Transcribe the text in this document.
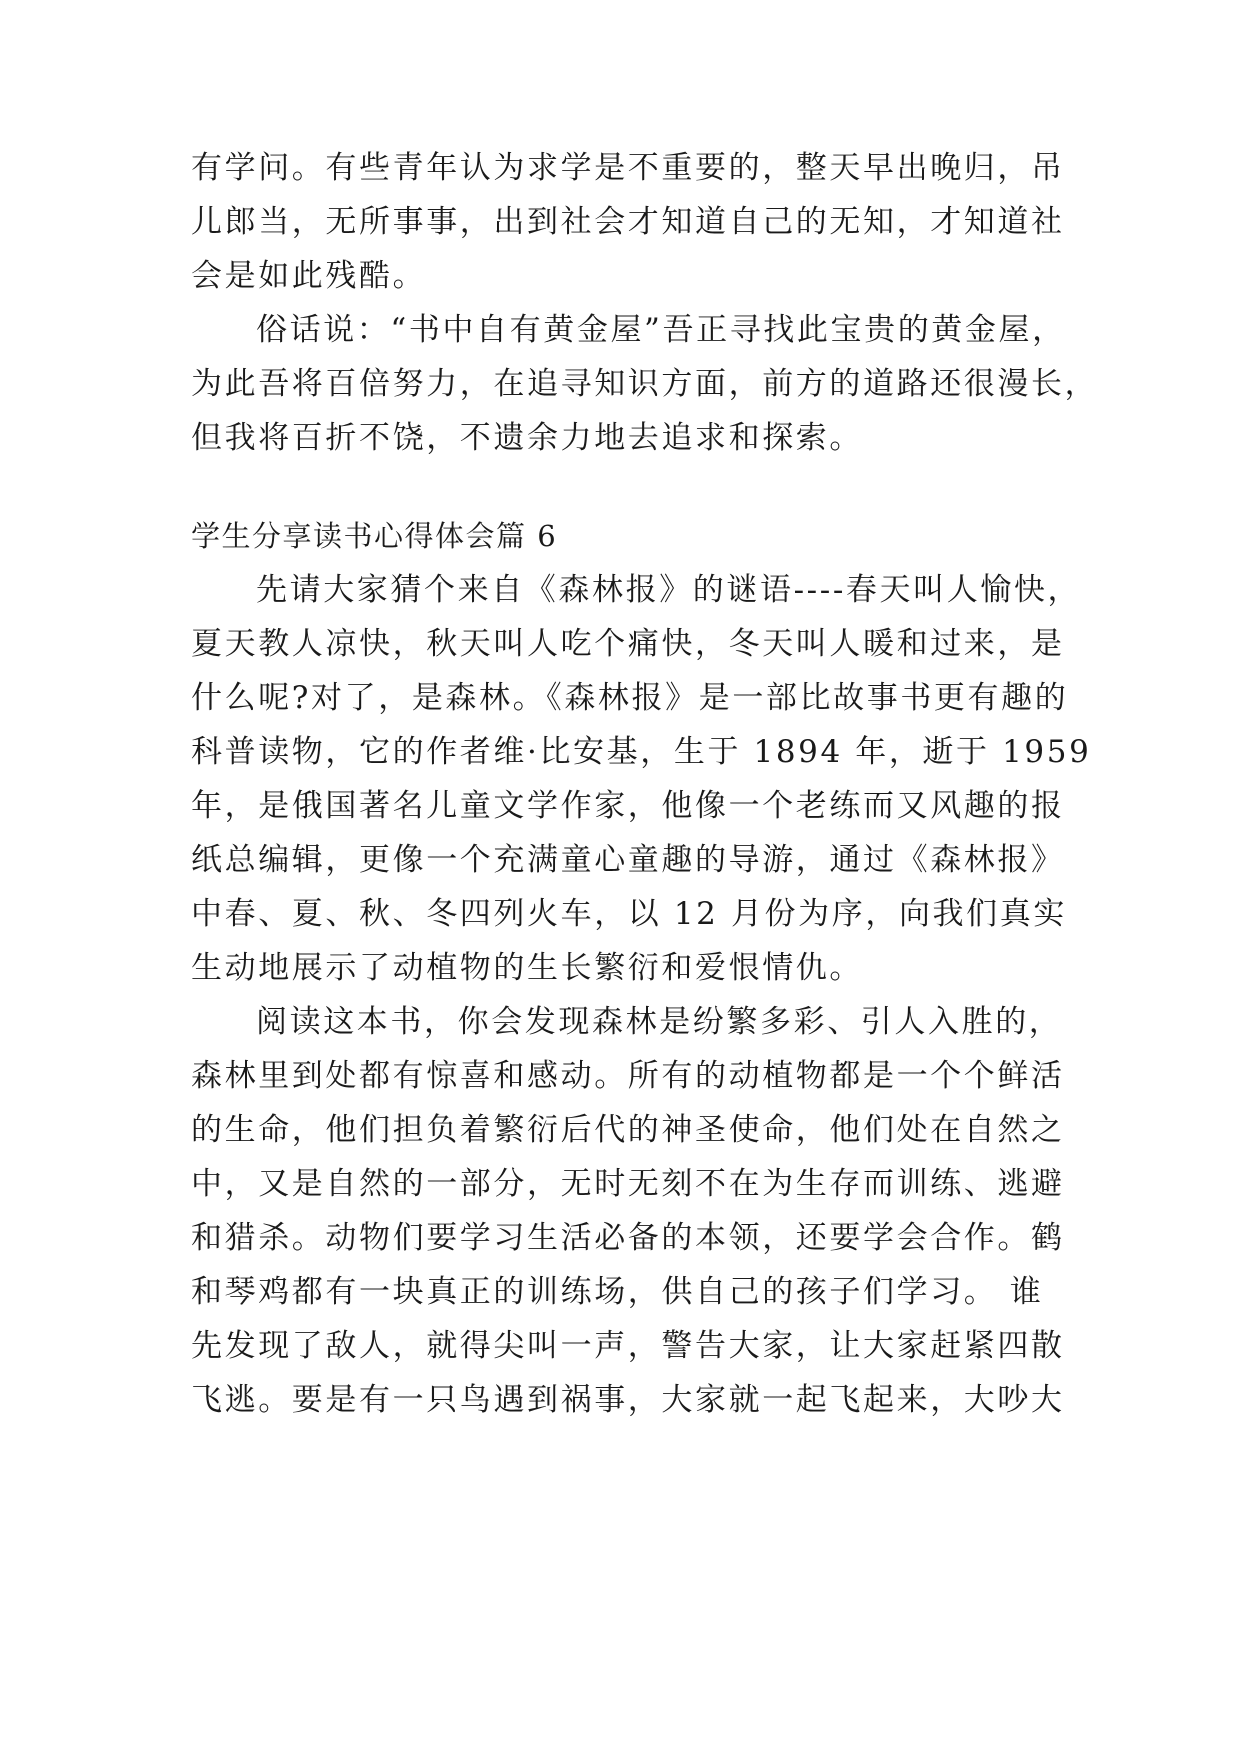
有学问。有些青年认为求学是不重要的，整天早出晚归，吊
儿郎当，无所事事，出到社会才知道自己的无知，才知道社
会是如此残酷。
俗话说：“书中自有黄金屋”吾正寻找此宝贵的黄金屋，
为此吾将百倍努力，在追寻知识方面，前方的道路还很漫长，
但我将百折不饶，不遗余力地去追求和探索。
学生分享读书心得体会篇 6
先请大家猜个来自《森林报》的谜语----春天叫人愉快，
夏天教人凉快，秋天叫人吃个痛快，冬天叫人暖和过来，是
什么呢?对了，是森林。《森林报》是一部比故事书更有趣的
科普读物，它的作者维·比安基，生于 1894 年，逝于 1959
年，是俄国著名儿童文学作家，他像一个老练而又风趣的报
纸总编辑，更像一个充满童心童趣的导游，通过《森林报》
中春、夏、秋、冬四列火车，以 12 月份为序，向我们真实
生动地展示了动植物的生长繁衍和爱恨情仇。
阅读这本书，你会发现森林是纷繁多彩、引人入胜的，
森林里到处都有惊喜和感动。所有的动植物都是一个个鲜活
的生命，他们担负着繁衍后代的神圣使命，他们处在自然之
中，又是自然的一部分，无时无刻不在为生存而训练、逃避
和猎杀。动物们要学习生活必备的本领，还要学会合作。鹤
和琴鸡都有一块真正的训练场，供自己的孩子们学习。 谁
先发现了敌人，就得尖叫一声，警告大家，让大家赶紧四散
飞逃。要是有一只鸟遇到祸事，大家就一起飞起来，大吵大
